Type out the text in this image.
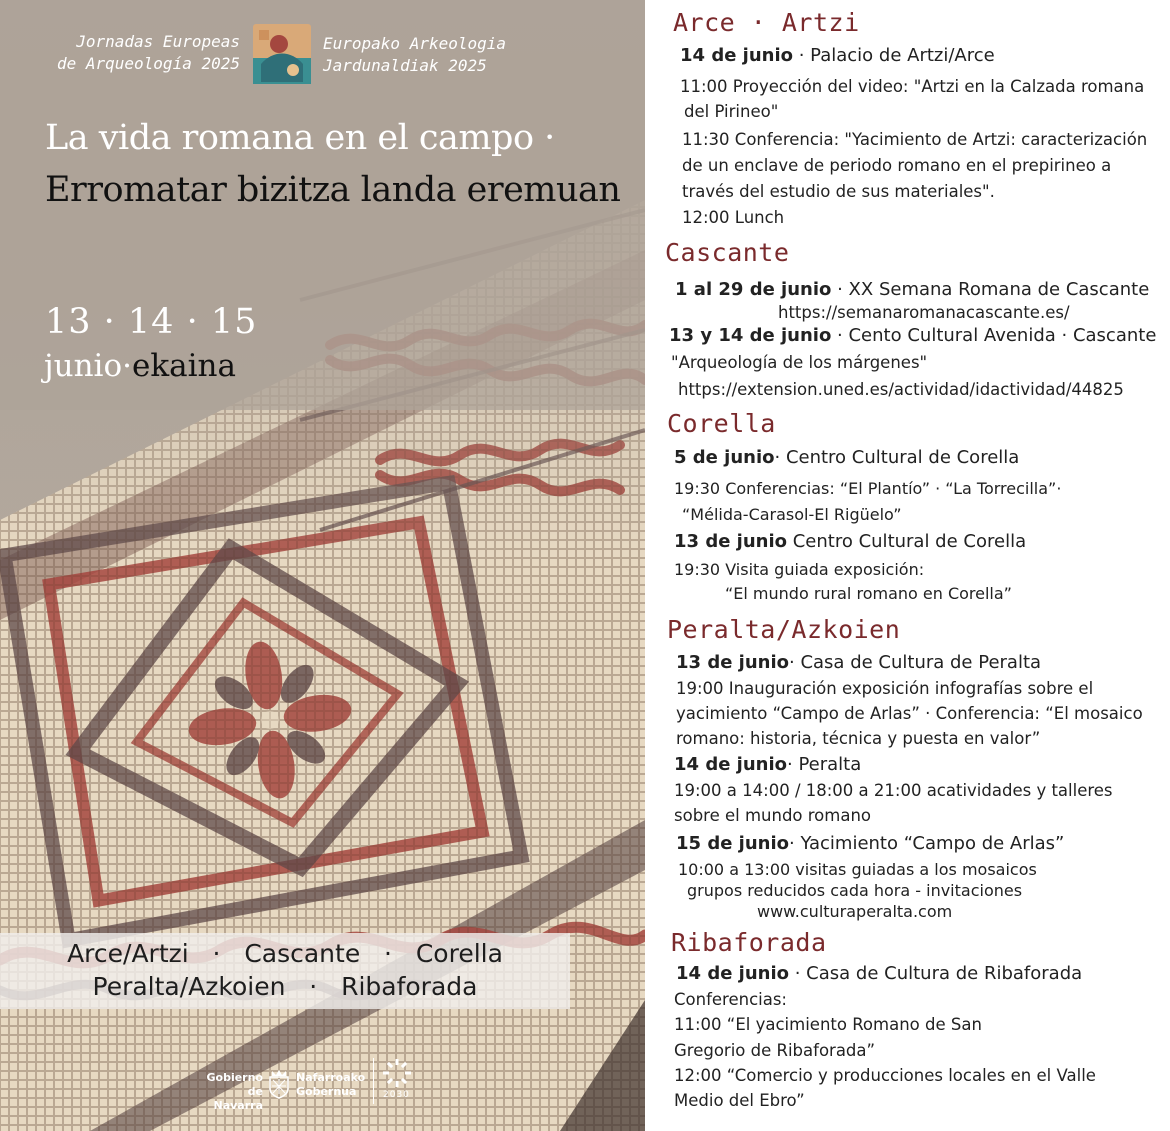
Jornadas Europeas
de Arqueología 2025
Europako Arkeologia
Jardunaldiak 2025
La vida romana en el campo · Erromatar bizitza landa eremuan
13 · 14 · 15
junio·ekaina
Arce/Artzi   ·   Cascante   ·   Corella
Peralta/Azkoien   ·   Ribaforada
Gobierno
de Navarra
Nafarroako
Gobernua	2030
Arce · Artzi
14 de junio · Palacio de Artzi/Arce
11:00 Proyección del video: "Artzi en la Calzada romana
del Pirineo"
11:30 Conferencia: "Yacimiento de Artzi: caracterización
de un enclave de periodo romano en el prepirineo a
través del estudio de sus materiales".
12:00 Lunch
Cascante
1 al 29 de junio · XX Semana Romana de Cascante
https://semanaromanacascante.es/
13 y 14 de junio · Cento Cultural Avenida · Cascante
"Arqueología de los márgenes"
https://extension.uned.es/actividad/idactividad/44825
Corella
5 de junio· Centro Cultural de Corella
19:30 Conferencias: “El Plantío” · “La Torrecilla”·
“Mélida-Carasol-El Rigüelo”
13 de junio Centro Cultural de Corella
19:30 Visita guiada exposición:
“El mundo rural romano en Corella”
Peralta/Azkoien
13 de junio· Casa de Cultura de Peralta
19:00 Inauguración exposición infografías sobre el
yacimiento “Campo de Arlas” · Conferencia: “El mosaico
romano: historia, técnica y puesta en valor”
14 de junio· Peralta
19:00 a 14:00 / 18:00 a 21:00 acatividades y talleres
sobre el mundo romano
15 de junio· Yacimiento “Campo de Arlas”
10:00 a 13:00 visitas guiadas a los mosaicos
grupos reducidos cada hora - invitaciones
www.culturaperalta.com
Ribaforada
14 de junio · Casa de Cultura de Ribaforada
Conferencias:
11:00 “El yacimiento Romano de San
Gregorio de Ribaforada”
12:00 “Comercio y producciones locales en el Valle
Medio del Ebro”
